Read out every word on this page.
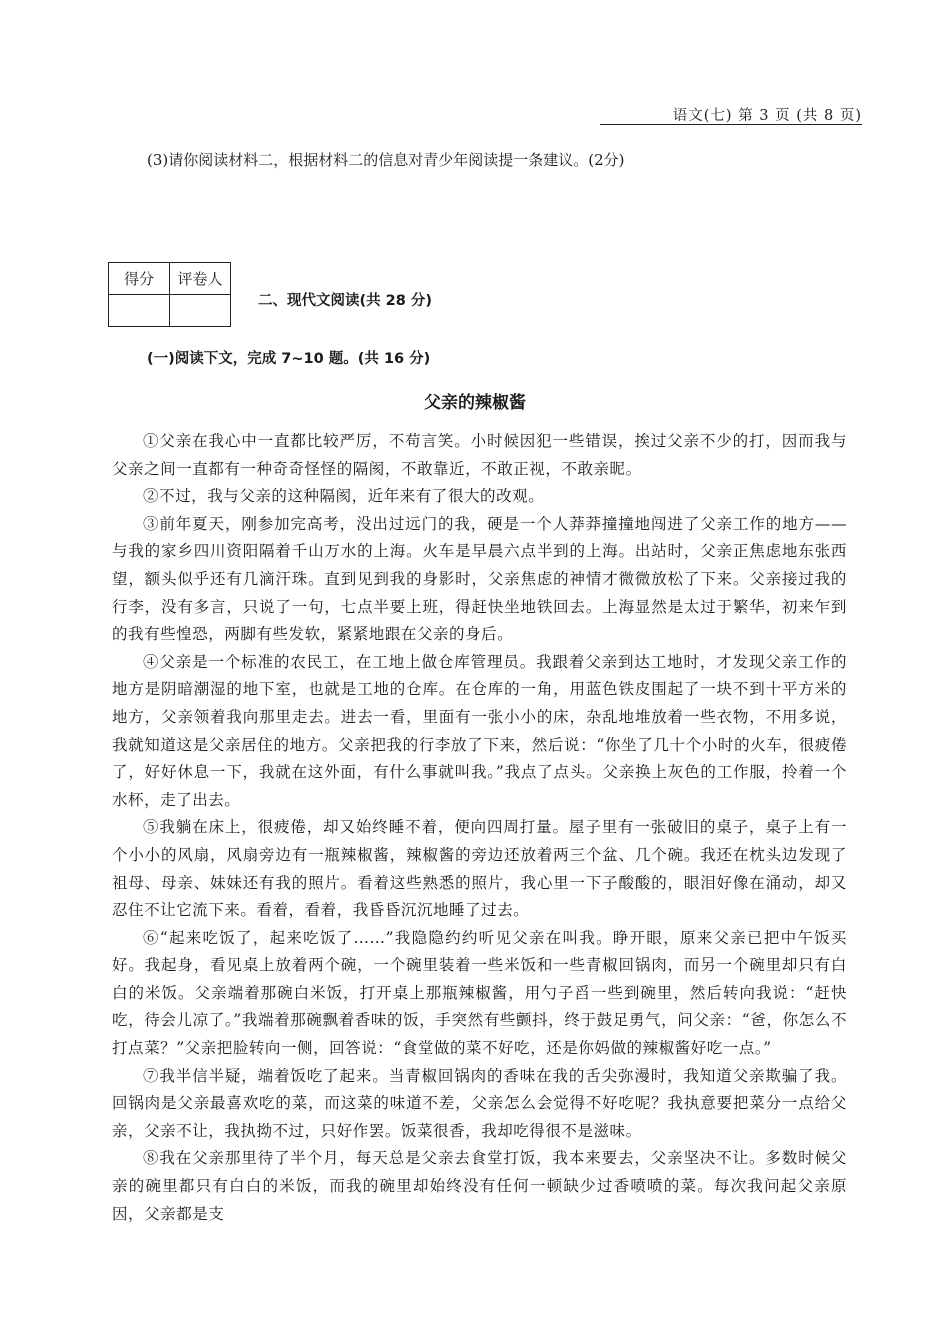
语文(七) 第 3 页 (共 8 页)
(3)请你阅读材料二，根据材料二的信息对青少年阅读提一条建议。(2分)
得分	评卷人

二、现代文阅读(共 28 分)
(一)阅读下文，完成 7~10 题。(共 16 分)
父亲的辣椒酱

①父亲在我心中一直都比较严厉，不苟言笑。小时候因犯一些错误，挨过父亲不少的打，因而我与父亲之间一直都有一种奇奇怪怪的隔阂，不敢靠近，不敢正视，不敢亲昵。

②不过，我与父亲的这种隔阂，近年来有了很大的改观。

③前年夏天，刚参加完高考，没出过远门的我，硬是一个人莽莽撞撞地闯进了父亲工作的地方——与我的家乡四川资阳隔着千山万水的上海。火车是早晨六点半到的上海。出站时，父亲正焦虑地东张西望，额头似乎还有几滴汗珠。直到见到我的身影时，父亲焦虑的神情才微微放松了下来。父亲接过我的行李，没有多言，只说了一句，七点半要上班，得赶快坐地铁回去。上海显然是太过于繁华，初来乍到的我有些惶恐，两脚有些发软，紧紧地跟在父亲的身后。

④父亲是一个标准的农民工，在工地上做仓库管理员。我跟着父亲到达工地时，才发现父亲工作的地方是阴暗潮湿的地下室，也就是工地的仓库。在仓库的一角，用蓝色铁皮围起了一块不到十平方米的地方，父亲领着我向那里走去。进去一看，里面有一张小小的床，杂乱地堆放着一些衣物，不用多说，我就知道这是父亲居住的地方。父亲把我的行李放了下来，然后说：“你坐了几十个小时的火车，很疲倦了，好好休息一下，我就在这外面，有什么事就叫我。”我点了点头。父亲换上灰色的工作服，拎着一个水杯，走了出去。

⑤我躺在床上，很疲倦，却又始终睡不着，便向四周打量。屋子里有一张破旧的桌子，桌子上有一个小小的风扇，风扇旁边有一瓶辣椒酱，辣椒酱的旁边还放着两三个盆、几个碗。我还在枕头边发现了祖母、母亲、妹妹还有我的照片。看着这些熟悉的照片，我心里一下子酸酸的，眼泪好像在涌动，却又忍住不让它流下来。看着，看着，我昏昏沉沉地睡了过去。

⑥“起来吃饭了，起来吃饭了……”我隐隐约约听见父亲在叫我。睁开眼，原来父亲已把中午饭买好。我起身，看见桌上放着两个碗，一个碗里装着一些米饭和一些青椒回锅肉，而另一个碗里却只有白白的米饭。父亲端着那碗白米饭，打开桌上那瓶辣椒酱，用勺子舀一些到碗里，然后转向我说：“赶快吃，待会儿凉了。”我端着那碗飘着香味的饭，手突然有些颤抖，终于鼓足勇气，问父亲：“爸，你怎么不打点菜？”父亲把脸转向一侧，回答说：“食堂做的菜不好吃，还是你妈做的辣椒酱好吃一点。”

⑦我半信半疑，端着饭吃了起来。当青椒回锅肉的香味在我的舌尖弥漫时，我知道父亲欺骗了我。回锅肉是父亲最喜欢吃的菜，而这菜的味道不差，父亲怎么会觉得不好吃呢？我执意要把菜分一点给父亲，父亲不让，我执拗不过，只好作罢。饭菜很香，我却吃得很不是滋味。

⑧我在父亲那里待了半个月，每天总是父亲去食堂打饭，我本来要去，父亲坚决不让。多数时候父亲的碗里都只有白白的米饭，而我的碗里却始终没有任何一顿缺少过香喷喷的菜。每次我问起父亲原因，父亲都是支
